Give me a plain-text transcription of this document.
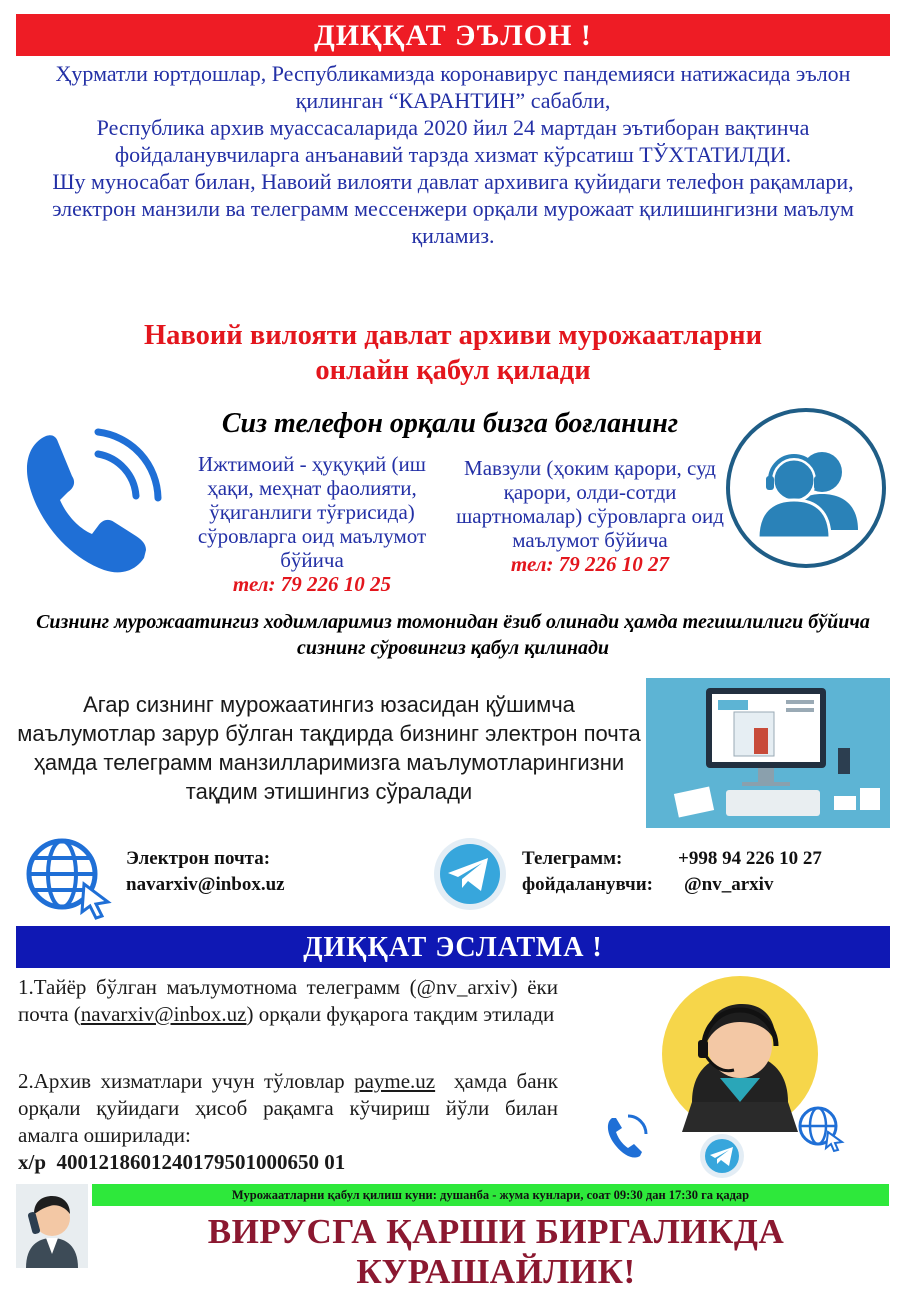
ДИҚҚАТ ЭЪЛОН !

Ҳурматли юртдошлар, Республикамизда коронавирус пандемияси натижасида эълон қилинган “КАРАНТИН” сабабли,

Республика архив муассасаларида 2020 йил 24 мартдан эътиборан вақтинча фойдаланувчиларга анъанавий тарзда хизмат кўрсатиш ТЎХТАТИЛДИ.

Шу муносабат билан, Навоий вилояти давлат архивига қуйидаги телефон рақамлари, электрон манзили ва телеграмм мессенжери орқали мурожаат қилишингизни маълум қиламиз.

Навоий вилояти давлат архиви мурожаатларни
онлайн қабул қилади
Сиз телефон орқали бизга боғланинг
Ижтимоий - ҳуқуқий (иш ҳақи, меҳнат фаолияти, ўқиганлиги тўғрисида) сўровларга оид маълумот бўйича
тел: 79 226 10 25
Мавзули (ҳоким қарори, суд қарори, олди-сотди шартномалар) сўровларга оид маълумот бўйича
тел: 79 226 10 27
Сизнинг мурожаатингиз ходимларимиз томонидан ёзиб олинади ҳамда тегишлилиги бўйича сизнинг сўровингиз қабул қилинади
Агар сизнинг мурожаатингиз юзасидан қўшимча маълумотлар зарур бўлган тақдирда бизнинг электрон почта ҳамда телеграмм манзилларимизга маълумотларингизни тақдим этишингиз сўралади
Электрон почта:
navarxiv@inbox.uz
Телеграмм:	+998 94 226 10 27
фойдаланувчи: @nv_arxiv
ДИҚҚАТ ЭСЛАТМА !

1.Тайёр бўлган маълумотнома телеграмм (@nv_arxiv) ёки почта (navarxiv@inbox.uz) орқали фуқарога тақдим этилади

2.Архив хизматлари учун тўловлар payme.uz ҳамда банк орқали қуйидаги ҳисоб рақамга кўчириш йўли билан амалга оширилади:

х/р 4001218601240179501000650 01

Мурожаатларни қабул қилиш куни: душанба - жума кунлари, соат 09:30 дан 17:30 га қадар
ВИРУСГА ҚАРШИ БИРГАЛИКДА КУРАШАЙЛИК!
